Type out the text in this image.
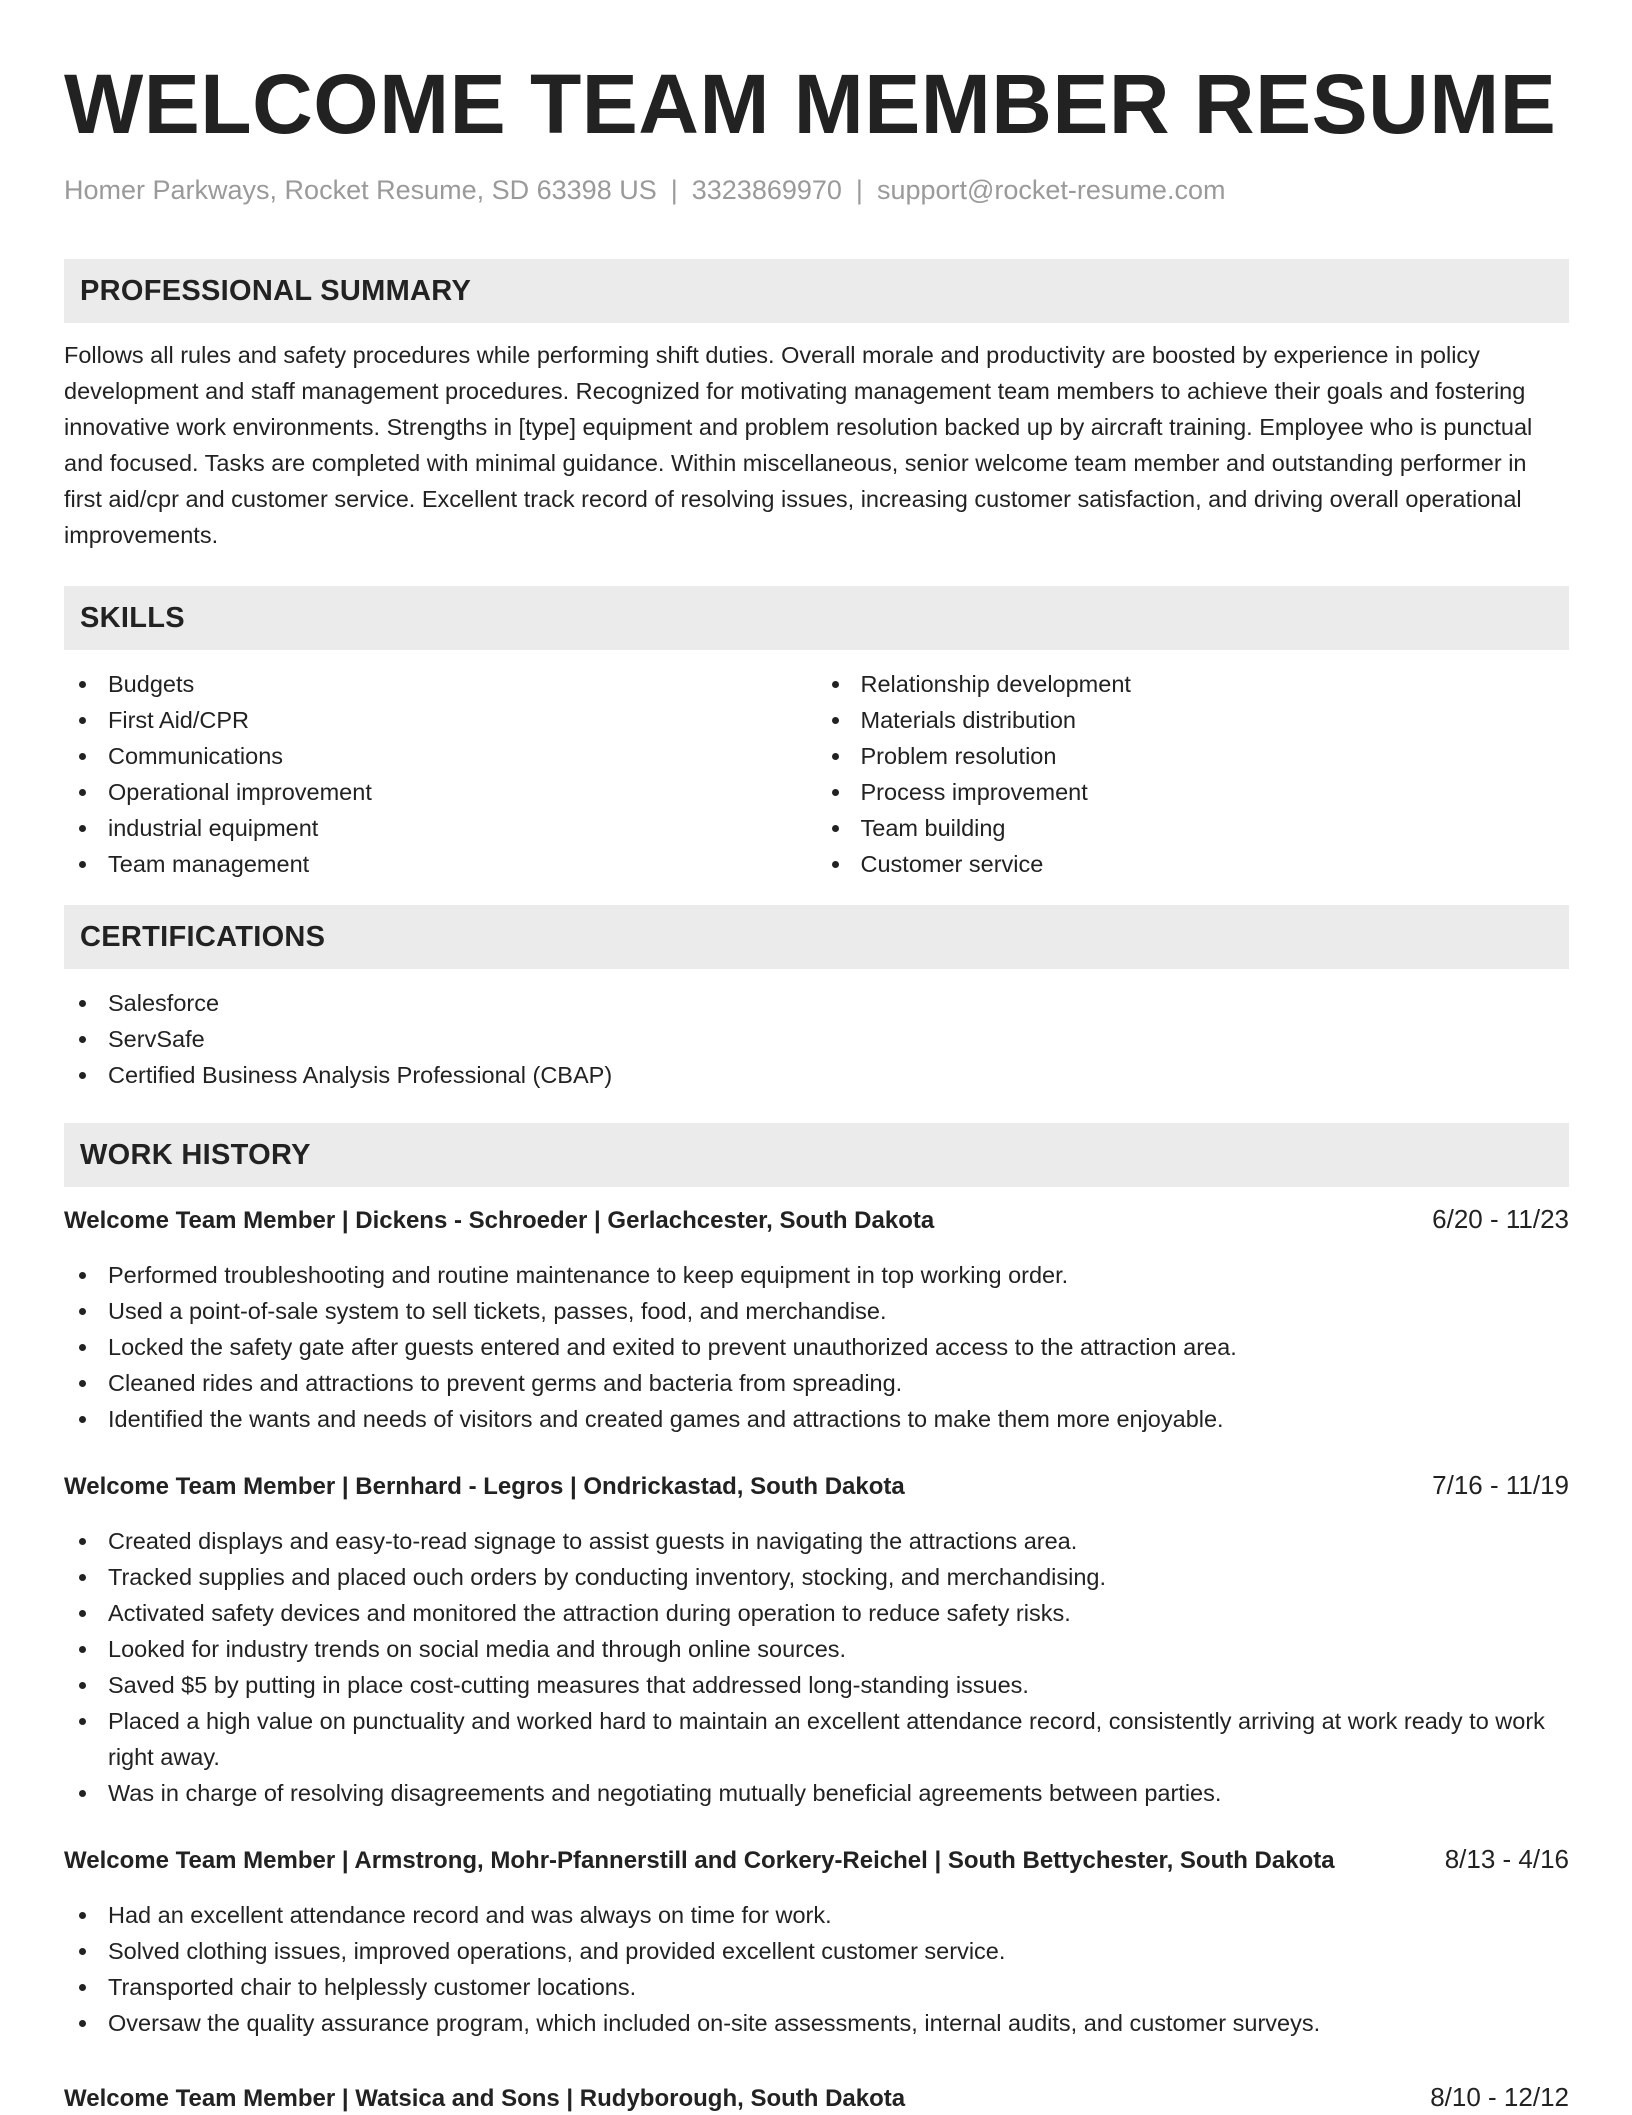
WELCOME TEAM MEMBER RESUME
Homer Parkways, Rocket Resume, SD 63398 US | 3323869970 | support@rocket-resume.com
PROFESSIONAL SUMMARY

Follows all rules and safety procedures while performing shift duties. Overall morale and productivity are boosted by experience in policy development and staff management procedures. Recognized for motivating management team members to achieve their goals and fostering innovative work environments. Strengths in [type] equipment and problem resolution backed up by aircraft training. Employee who is punctual and focused. Tasks are completed with minimal guidance. Within miscellaneous, senior welcome team member and outstanding performer in first aid/cpr and customer service. Excellent track record of resolving issues, increasing customer satisfaction, and driving overall operational improvements.

SKILLS
Budgets
First Aid/CPR
Communications
Operational improvement
industrial equipment
Team management
Relationship development
Materials distribution
Problem resolution
Process improvement
Team building
Customer service
CERTIFICATIONS
Salesforce
ServSafe
Certified Business Analysis Professional (CBAP)
WORK HISTORY
Welcome Team Member | Dickens - Schroeder | Gerlachcester, South Dakota	6/20 - 11/23
Performed troubleshooting and routine maintenance to keep equipment in top working order.
Used a point-of-sale system to sell tickets, passes, food, and merchandise.
Locked the safety gate after guests entered and exited to prevent unauthorized access to the attraction area.
Cleaned rides and attractions to prevent germs and bacteria from spreading.
Identified the wants and needs of visitors and created games and attractions to make them more enjoyable.
Welcome Team Member | Bernhard - Legros | Ondrickastad, South Dakota	7/16 - 11/19
Created displays and easy-to-read signage to assist guests in navigating the attractions area.
Tracked supplies and placed ouch orders by conducting inventory, stocking, and merchandising.
Activated safety devices and monitored the attraction during operation to reduce safety risks.
Looked for industry trends on social media and through online sources.
Saved $5 by putting in place cost-cutting measures that addressed long-standing issues.
Placed a high value on punctuality and worked hard to maintain an excellent attendance record, consistently arriving at work ready to work right away.
Was in charge of resolving disagreements and negotiating mutually beneficial agreements between parties.
Welcome Team Member | Armstrong, Mohr-Pfannerstill and Corkery-Reichel | South Bettychester, South Dakota	8/13 - 4/16
Had an excellent attendance record and was always on time for work.
Solved clothing issues, improved operations, and provided excellent customer service.
Transported chair to helplessly customer locations.
Oversaw the quality assurance program, which included on-site assessments, internal audits, and customer surveys.
Welcome Team Member | Watsica and Sons | Rudyborough, South Dakota	8/10 - 12/12
